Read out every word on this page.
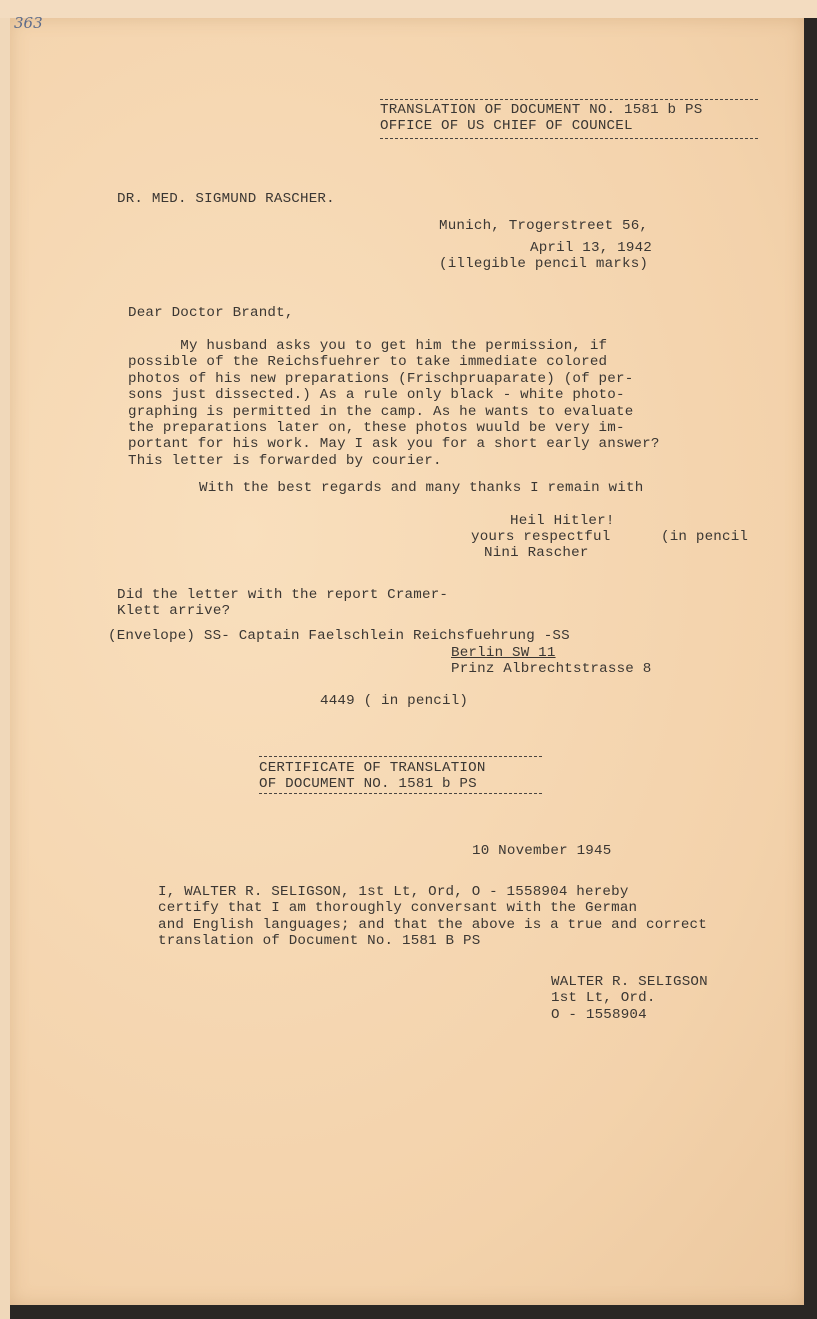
363

TRANSLATION OF DOCUMENT NO. 1581 b PS
OFFICE OF US CHIEF OF COUNCEL

DR. MED. SIGMUND RASCHER.

Munich, Trogerstreet 56,

April 13, 1942

(illegible pencil marks)

Dear Doctor Brandt,

My husband asks you to get him the permission, if
possible of the Reichsfuehrer to take immediate colored
photos of his new preparations (Frischpruaparate) (of per-
sons just dissected.) As a rule only black - white photo-
graphing is permitted in the camp. As he wants to evaluate
the preparations later on, these photos wuuld be very im-
portant for his work. May I ask you for a short early answer?
This letter is forwarded by courier.

With the best regards and many thanks I remain with

Heil Hitler!

yours respectful	(in pencil

Nini Rascher

Did the letter with the report Cramer-
Klett arrive?

(Envelope) SS- Captain Faelschlein Reichsfuehrung -SS

Berlin SW 11

Prinz Albrechtstrasse 8

4449 ( in pencil)

CERTIFICATE OF TRANSLATION
OF DOCUMENT NO. 1581 b PS

10 November 1945

I, WALTER R. SELIGSON, 1st Lt, Ord, O - 1558904 hereby
certify that I am thoroughly conversant with the German
and English languages; and that the above is a true and correct
translation of Document No. 1581 B PS

WALTER R. SELIGSON
1st Lt, Ord.
O - 1558904
